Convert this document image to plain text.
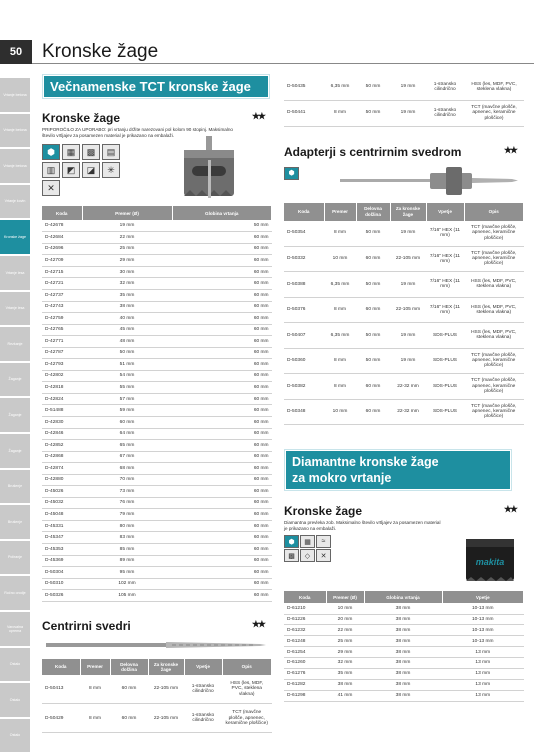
50	Kronske žage
Vrtanje betona
Vrtanje betona
Vrtanje betona
Vrtanje kovin
Kronske žage
Vrtanje lesa
Vrtanje lesa
Rezkanje
Žaganje
Žaganje
Žaganje
Brušenje
Brušenje
Poliranje
Ročno orodje
Varovalna oprema
Ostalo
Ostalo
Ostalo
Večnamenske TCT kronske žage
Kronske žage	★★
PRIPOROČILO ZA UPORABO: pri vrtanju držite narezovani pol kolom 90 stopinj. Maksimalno število vrtljajev za posamezen material je prikazano na embalaži.
⬢	▦	▩	▤
▥	◩	◪	✳
✕
Koda	Premer (Ø)	Globina vrtanja
D-42678	19 mm	50 mm
D-42684	22 mm	60 mm
D-42696	25 mm	60 mm
D-42709	29 mm	60 mm
D-42715	30 mm	60 mm
D-42721	32 mm	60 mm
D-42737	35 mm	60 mm
D-42743	38 mm	60 mm
D-42759	40 mm	60 mm
D-42765	45 mm	60 mm
D-42771	48 mm	60 mm
D-42787	50 mm	60 mm
D-42793	51 mm	60 mm
D-42802	54 mm	60 mm
D-42818	55 mm	60 mm
D-42824	57 mm	60 mm
D-51488	59 mm	60 mm
D-42830	60 mm	60 mm
D-42846	64 mm	60 mm
D-42852	65 mm	60 mm
D-42868	67 mm	60 mm
D-42874	68 mm	60 mm
D-42880	70 mm	60 mm
D-45026	73 mm	60 mm
D-45032	76 mm	60 mm
D-45048	79 mm	60 mm
D-45331	80 mm	60 mm
D-45347	83 mm	60 mm
D-45353	85 mm	60 mm
D-45369	89 mm	60 mm
D-50304	95 mm	60 mm
D-50310	102 mm	60 mm
D-50326	105 mm	60 mm
Centrirni svedri	★★
Koda	Premer	Delovna dolžina	Za kronske žage	Vpetje	Opis
D-50413	8 mm	60 mm	22-105 mm	1-stransko cilindrično	HSS (les, MDF, PVC, steklena vlakna)
D-50429	8 mm	60 mm	22-105 mm	1-stransko cilindrično	TCT (mavčne plošče, apnenec, keramične ploščice)
D-50435	6,35 mm	50 mm	19 mm	1-stransko cilindrično	HSS (les, MDF, PVC, steklena vlakna)
D-50441	8 mm	50 mm	19 mm	1-stransko cilindrično	TCT (mavčne plošče, apnenec, keramične ploščice)
Adapterji s centrirnim svedrom	★★
⬢
Koda	Premer	Delovna dolžina	Za kronske žage	Vpetje	Opis
D-50354	8 mm	50 mm	19 mm	7/16" HEX (11 mm)	TCT (mavčne plošče, apnenec, keramične ploščice)
D-50332	10 mm	60 mm	22-105 mm	7/16" HEX (11 mm)	TCT (mavčne plošče, apnenec, keramične ploščice)
D-50388	6,35 mm	50 mm	19 mm	7/16" HEX (11 mm)	HSS (les, MDF, PVC, steklena vlakna)
D-50376	8 mm	60 mm	22-105 mm	7/16" HEX (11 mm)	HSS (les, MDF, PVC, steklena vlakna)
D-50407	6,35 mm	50 mm	19 mm	SDS-PLUS	HSS (les, MDF, PVC, steklena vlakna)
D-50360	8 mm	50 mm	19 mm	SDS-PLUS	TCT (mavčne plošče, apnenec, keramične ploščice)
D-50382	8 mm	60 mm	22-32 mm	SDS-PLUS	TCT (mavčne plošče, apnenec, keramične ploščice)
D-50348	10 mm	60 mm	22-32 mm	SDS-PLUS	TCT (mavčne plošče, apnenec, keramične ploščice)
Diamantne kronske žage
za mokro vrtanje
Kronske žage	★★
Diamantna prevleka zob. Maksimalno število vrtljajev za posamezen material je prikazano na embalaži.
⬢	▦	≈
▩	◇	✕
makita
Koda	Premer (Ø)	Globina vrtanja	Vpetje
D-61210	10 mm	38 mm	10-13 mm
D-61226	20 mm	38 mm	10-13 mm
D-61232	22 mm	38 mm	10-13 mm
D-61248	25 mm	38 mm	10-13 mm
D-61254	29 mm	38 mm	13 mm
D-61260	32 mm	38 mm	13 mm
D-61276	35 mm	38 mm	13 mm
D-61282	38 mm	38 mm	13 mm
D-61298	41 mm	38 mm	13 mm
